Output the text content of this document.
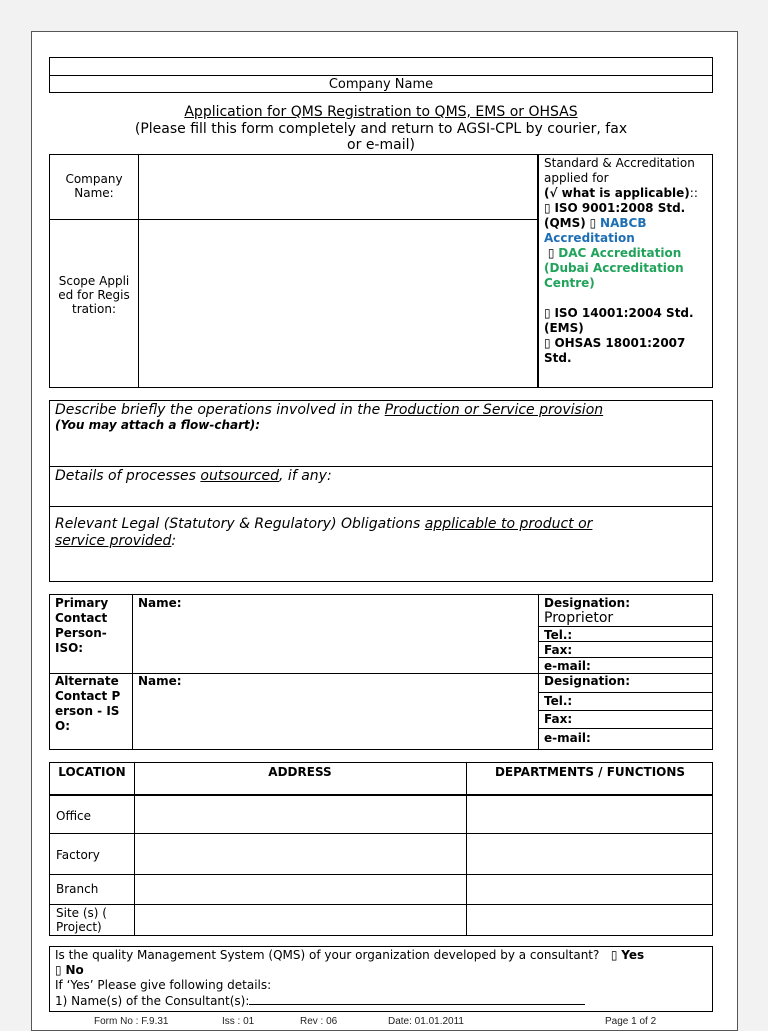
Company Name
Application for QMS Registration to QMS, EMS or OHSAS
(Please fill this form completely and return to AGSI-CPL by courier, fax
or e-mail)
Company Name:
Scope Applied for Registration:
Standard & Accreditation applied for
(√ what is applicable)::
▯ ISO 9001:2008 Std. (QMS) ▯ NABCB Accreditation
▯ DAC Accreditation (Dubai Accreditation Centre)

▯ ISO 14001:2004 Std. (EMS)
▯ OHSAS 18001:2007 Std.
Describe briefly the operations involved in the Production or Service provision
(You may attach a flow-chart):
Details of processes outsourced, if any:
Relevant Legal (Statutory & Regulatory) Obligations applicable to product or
service provided:
Primary Contact Person-ISO:
Name:	Designation:
Proprietor
Tel.:
Fax:
e-mail:
Alternate Contact Person - ISO:
Name:	Designation:
Tel.:
Fax:
e-mail:
LOCATION	ADDRESS	DEPARTMENTS / FUNCTIONS
Office
Factory
Branch
Site (s) ( Project)
Is the quality Management System (QMS) of your organization developed by a consultant? ▯ Yes
▯ No
If ‘Yes’ Please give following details:
1) Name(s) of the Consultant(s):
Form No : F.9.31	Iss : 01	Rev : 06	Date: 01.01.2011	Page 1 of 2
